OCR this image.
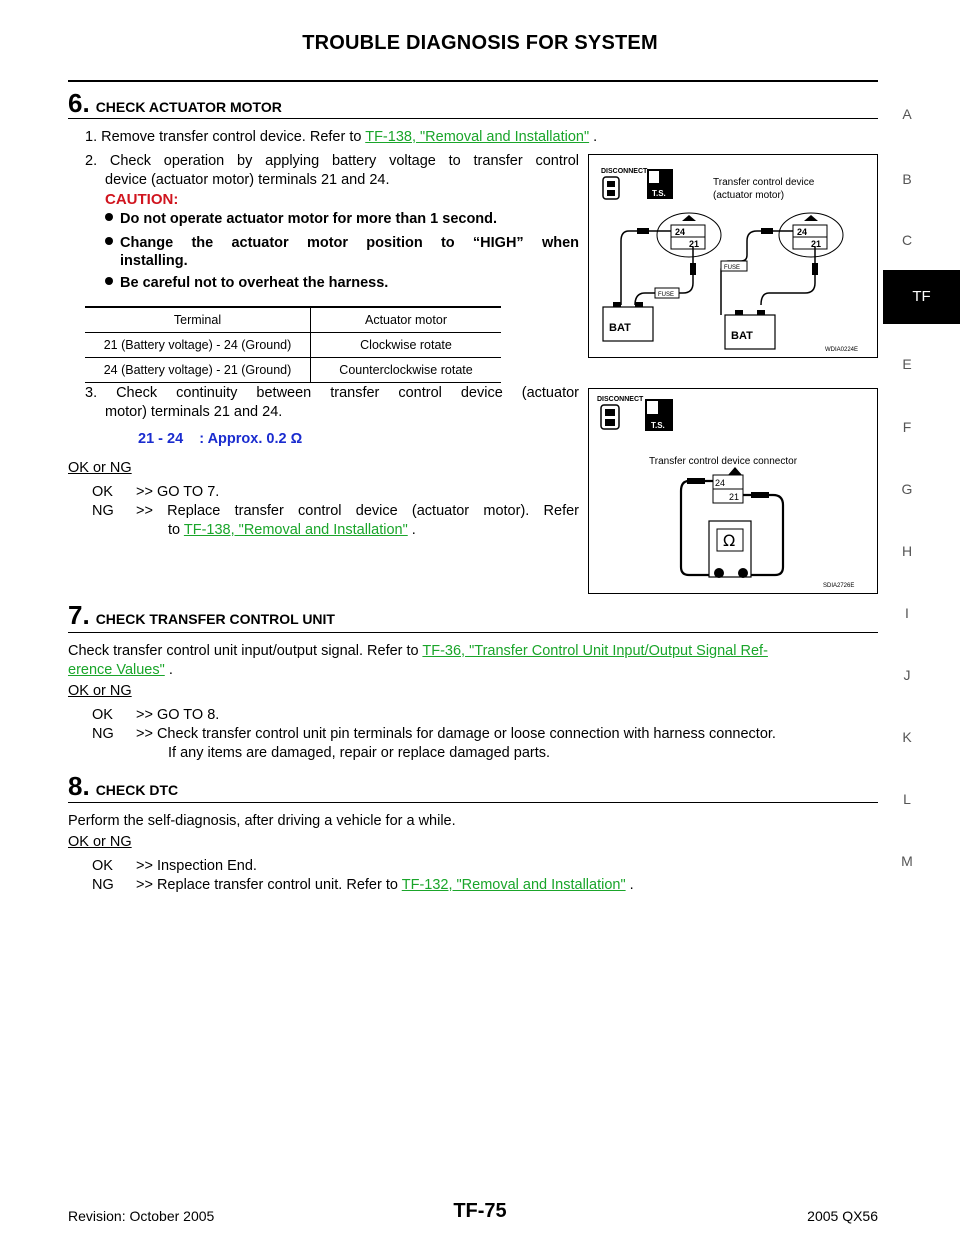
TROUBLE DIAGNOSIS FOR SYSTEM
A
B
C
TF
E
F
G
H
I
J
K
L
M
6. CHECK ACTUATOR MOTOR
1. Remove transfer control device. Refer to TF-138, "Removal and Installation" .
2. Check operation by applying battery voltage to transfer control
device (actuator motor) terminals 21 and 24.
CAUTION:
Do not operate actuator motor for more than 1 second.
Change the actuator motor position to “HIGH” when
installing.
Be careful not to overheat the harness.
Terminal	Actuator motor
21 (Battery voltage) - 24 (Ground)	Clockwise rotate
24 (Battery voltage) - 21 (Ground)	Counterclockwise rotate
3. Check continuity between transfer control device (actuator
motor) terminals 21 and 24.
21 - 24    : Approx. 0.2 Ω
OK or NG
OK >> GO TO 7.
NG >> Replace transfer control device (actuator motor). Refer
to TF-138, "Removal and Installation" .
DISCONNECT
T.S.
Transfer control device
(actuator motor)
24
21
24
21
FUSE
FUSE
BAT
BAT
WDIA0224E
DISCONNECT
T.S.
Transfer control device connector
24
21
Ω
SDIA2726E
7. CHECK TRANSFER CONTROL UNIT
Check transfer control unit input/output signal. Refer to TF-36, "Transfer Control Unit Input/Output Signal Ref-
erence Values" .
OK or NG
OK >> GO TO 8.
NG >> Check transfer control unit pin terminals for damage or loose connection with harness connector.
If any items are damaged, repair or replace damaged parts.
8. CHECK DTC
Perform the self-diagnosis, after driving a vehicle for a while.
OK or NG
OK >> Inspection End.
NG >> Replace transfer control unit. Refer to TF-132, "Removal and Installation" .
Revision: October 2005	TF-75	2005 QX56
